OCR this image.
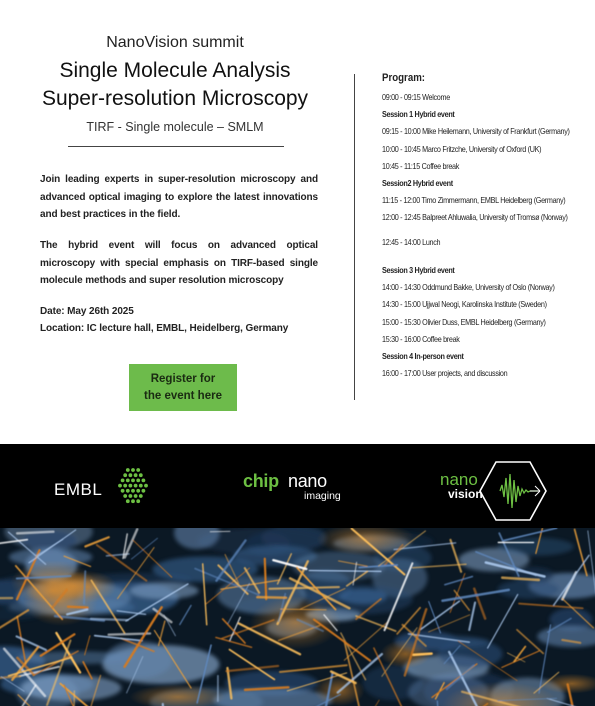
NanoVision summit
Single Molecule Analysis
Super-resolution Microscopy
TIRF - Single molecule – SMLM
Join leading experts in super-resolution microscopy and advanced optical imaging to explore the latest innovations and best practices in the field.
The hybrid event will focus on advanced optical microscopy with special emphasis on TIRF-based single molecule methods and super resolution microscopy
Date: May 26th 2025
Location: IC lecture hall, EMBL, Heidelberg, Germany
Register for
the event here
Program:
09:00 - 09:15 Welcome
Session 1 Hybrid event
09:15 - 10:00 Mike Heilemann, University of Frankfurt (Germany)
10:00 - 10:45 Marco Fritzche, University of Oxford (UK)
10:45 - 11:15 Coffee break
Session2 Hybrid event
11:15 - 12:00 Timo Zimmermann, EMBL Heidelberg (Germany)
12:00 - 12:45 Balpreet Ahluwalia, University of Tromsø (Norway)
12:45 - 14:00 Lunch
Session 3 Hybrid event
14:00 - 14:30 Oddmund Bakke, University of Oslo (Norway)
14:30 - 15:00 Ujjwal Neogi, Karolinska Institute (Sweden)
15:00 - 15:30 Olivier Duss, EMBL Heidelberg (Germany)
15:30 - 16:00 Coffee break
Session 4 In-person event
16:00 - 17:00 User projects, and discussion
EMBL	chip nano
imaging
nano
vision
